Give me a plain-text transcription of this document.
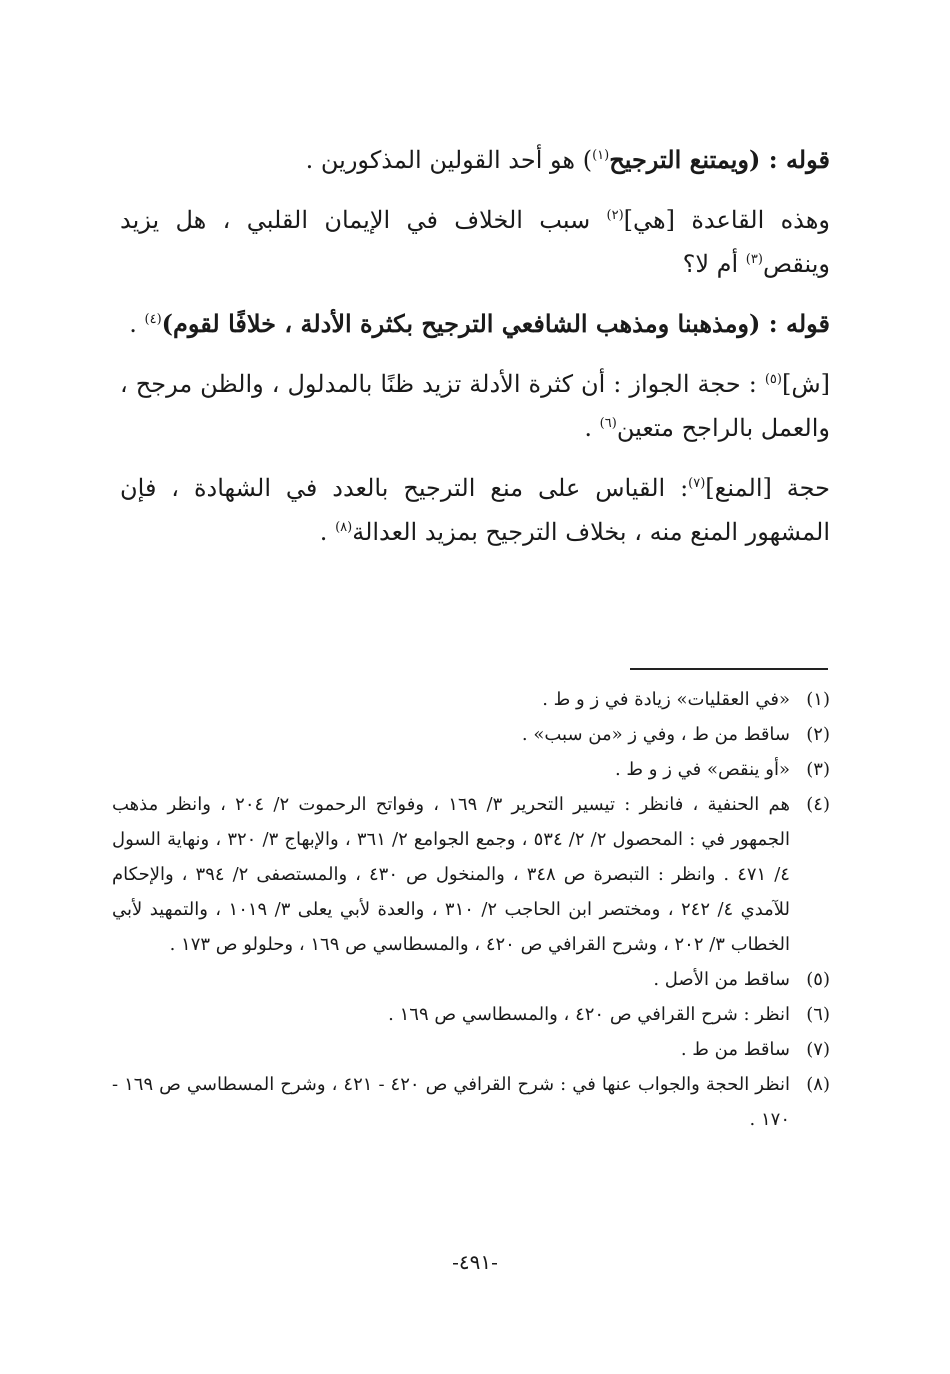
قوله : (ويمتنع الترجيح$^{(١)}$) هو أحد القولين المذكورين .

وهذه القاعدة [هي]$^{(٢)}$ سبب الخلاف في الإيمان القلبي ، هل يزيد وينقص$^{(٣)}$ أم لا؟

قوله : (ومذهبنا ومذهب الشافعي الترجيح بكثرة الأدلة ، خلافًا لقوم)$^{(٤)}$ .

[ش]$^{(٥)}$ : حجة الجواز : أن كثرة الأدلة تزيد ظنًا بالمدلول ، والظن مرجح ، والعمل بالراجح متعين$^{(٦)}$ .

حجة [المنع]$^{(٧)}$: القياس على منع الترجيح بالعدد في الشهادة ، فإن المشهور المنع منه ، بخلاف الترجيح بمزيد العدالة$^{(٨)}$ .

(١)
«في العقليات» زيادة في ز و ط .
(٢)
ساقط من ط ، وفي ز «من سبب» .
(٣)
«أو ينقص» في ز و ط .
(٤)
هم الحنفية ، فانظر : تيسير التحرير ٣/ ١٦٩ ، وفواتح الرحموت ٢/ ٢٠٤ ، وانظر مذهب الجمهور في : المحصول ٢/ ٢/ ٥٣٤ ، وجمع الجوامع ٢/ ٣٦١ ، والإبهاج ٣/ ٣٢٠ ، ونهاية السول ٤/ ٤٧١ . وانظر : التبصرة ص ٣٤٨ ، والمنخول ص ٤٣٠ ، والمستصفى ٢/ ٣٩٤ ، والإحكام للآمدي ٤/ ٢٤٢ ، ومختصر ابن الحاجب ٢/ ٣١٠ ، والعدة لأبي يعلى ٣/ ١٠١٩ ، والتمهيد لأبي الخطاب ٣/ ٢٠٢ ، وشرح القرافي ص ٤٢٠ ، والمسطاسي ص ١٦٩ ، وحلولو ص ١٧٣ .
(٥)
ساقط من الأصل .
(٦)
انظر : شرح القرافي ص ٤٢٠ ، والمسطاسي ص ١٦٩ .
(٧)
ساقط من ط .
(٨)
انظر الحجة والجواب عنها في : شرح القرافي ص ٤٢٠ - ٤٢١ ، وشرح المسطاسي ص ١٦٩ - ١٧٠ .
-٤٩١-
